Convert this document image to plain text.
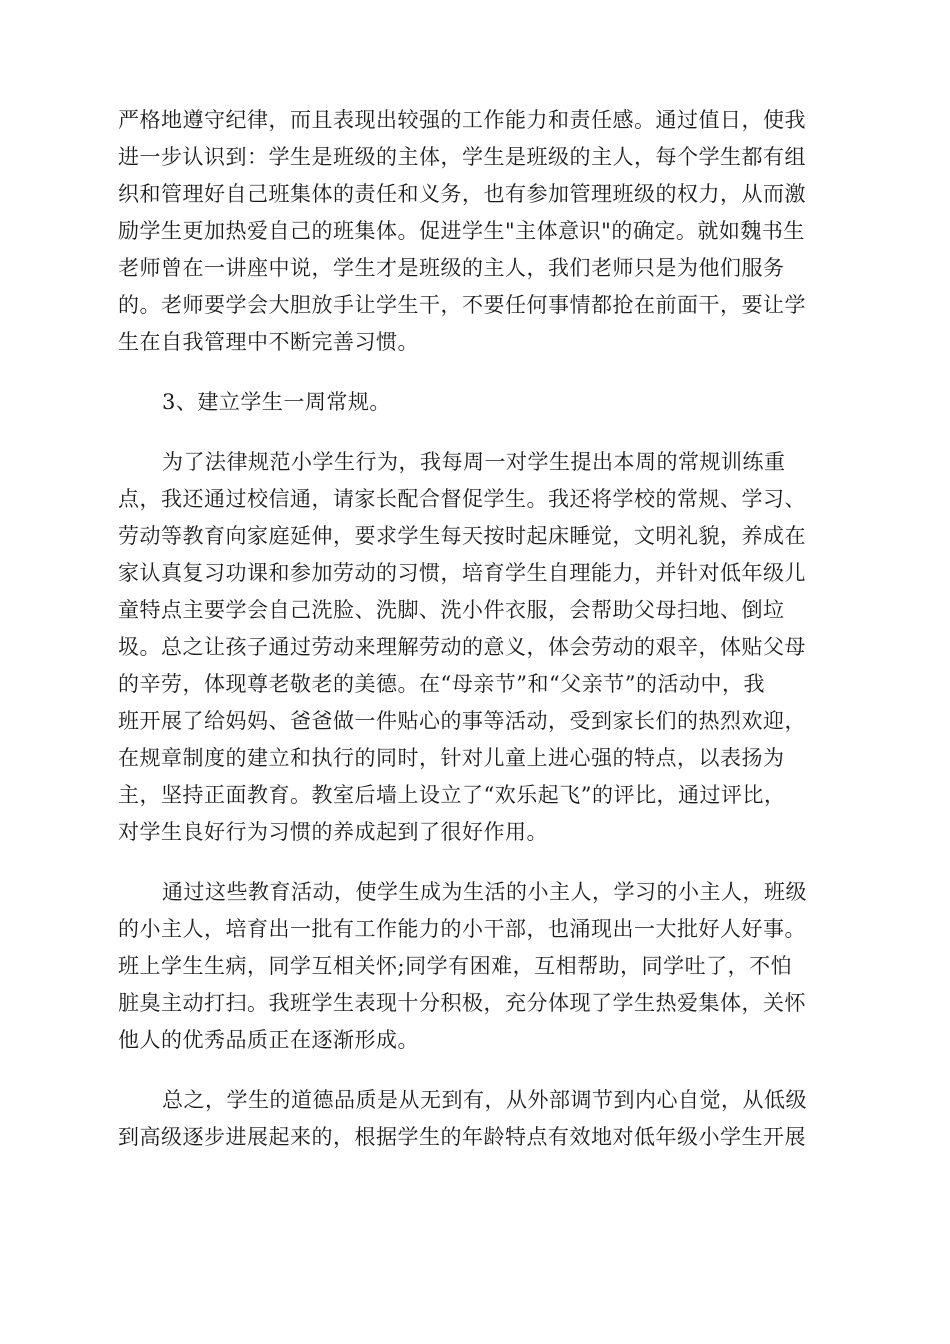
严格地遵守纪律，而且表现出较强的工作能力和责任感。通过值日，使我
进一步认识到：学生是班级的主体，学生是班级的主人，每个学生都有组
织和管理好自己班集体的责任和义务，也有参加管理班级的权力，从而激
励学生更加热爱自己的班集体。促进学生"主体意识"的确定。就如魏书生
老师曾在一讲座中说，学生才是班级的主人，我们老师只是为他们服务
的。老师要学会大胆放手让学生干，不要任何事情都抢在前面干，要让学
生在自我管理中不断完善习惯。
3、建立学生一周常规。
为了法律规范小学生行为，我每周一对学生提出本周的常规训练重
点，我还通过校信通，请家长配合督促学生。我还将学校的常规、学习、
劳动等教育向家庭延伸，要求学生每天按时起床睡觉，文明礼貌，养成在
家认真复习功课和参加劳动的习惯，培育学生自理能力，并针对低年级儿
童特点主要学会自己洗脸、洗脚、洗小件衣服，会帮助父母扫地、倒垃
圾。总之让孩子通过劳动来理解劳动的意义，体会劳动的艰辛，体贴父母
的辛劳，体现尊老敬老的美德。在“母亲节”和“父亲节”的活动中，我
班开展了给妈妈、爸爸做一件贴心的事等活动，受到家长们的热烈欢迎，
在规章制度的建立和执行的同时，针对儿童上进心强的特点，以表扬为
主，坚持正面教育。教室后墙上设立了“欢乐起飞”的评比，通过评比，
对学生良好行为习惯的养成起到了很好作用。
通过这些教育活动，使学生成为生活的小主人，学习的小主人，班级
的小主人，培育出一批有工作能力的小干部，也涌现出一大批好人好事。
班上学生生病，同学互相关怀;同学有困难，互相帮助，同学吐了，不怕
脏臭主动打扫。我班学生表现十分积极，充分体现了学生热爱集体，关怀
他人的优秀品质正在逐渐形成。
总之，学生的道德品质是从无到有，从外部调节到内心自觉，从低级
到高级逐步进展起来的，根据学生的年龄特点有效地对低年级小学生开展
